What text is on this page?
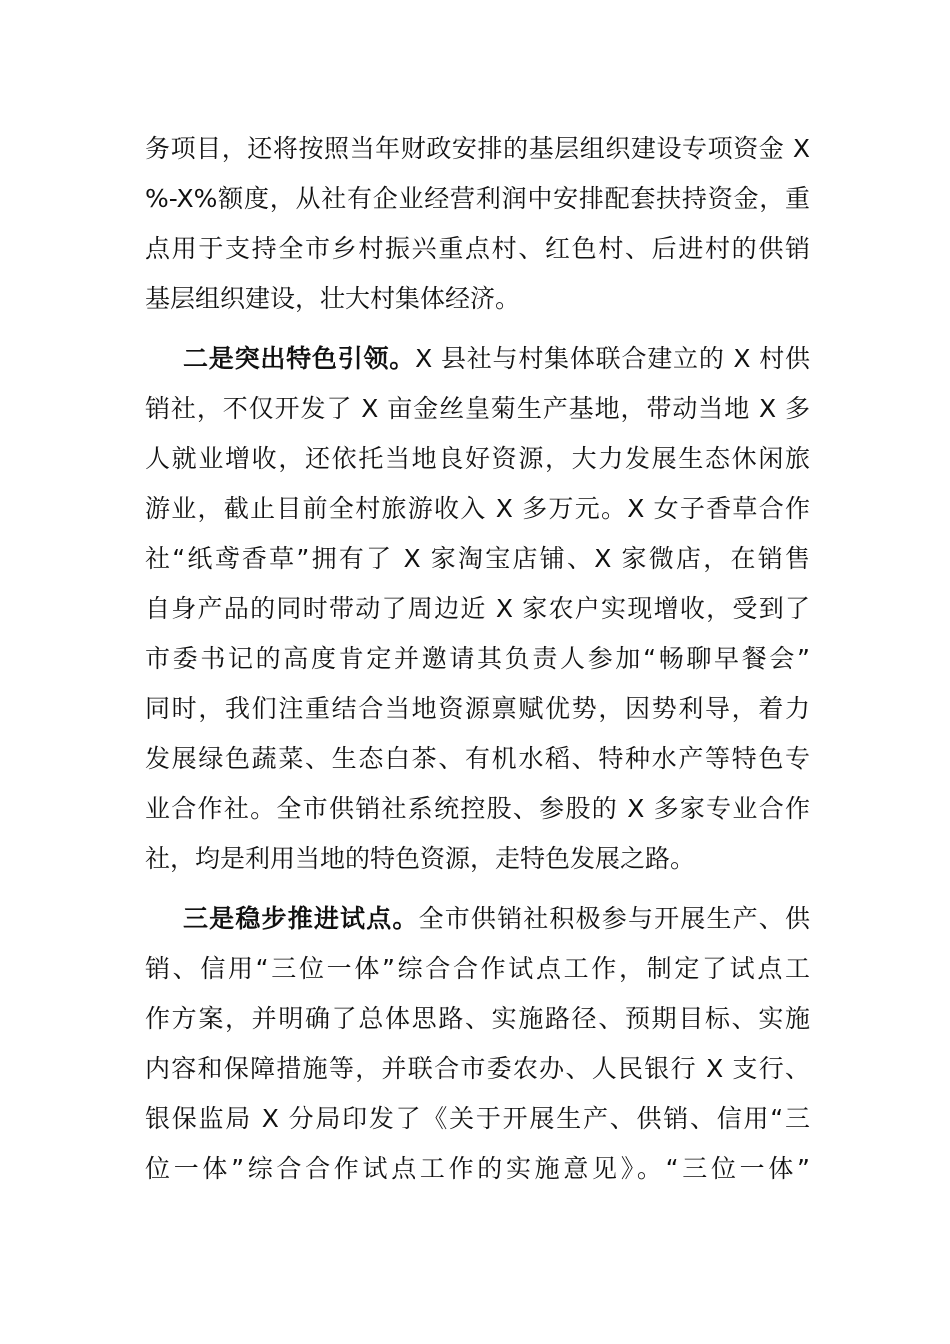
务项目，还将按照当年财政安排的基层组织建设专项资金 X
%-X%额度，从社有企业经营利润中安排配套扶持资金，重
点用于支持全市乡村振兴重点村、红色村、后进村的供销
基层组织建设，壮大村集体经济。
二是突出特色引领。X 县社与村集体联合建立的 X 村供
销社，不仅开发了 X 亩金丝皇菊生产基地，带动当地 X 多
人就业增收，还依托当地良好资源，大力发展生态休闲旅
游业，截止目前全村旅游收入 X 多万元。X 女子香草合作
社“纸鸢香草”拥有了 X 家淘宝店铺、X 家微店，在销售
自身产品的同时带动了周边近 X 家农户实现增收，受到了
市委书记的高度肯定并邀请其负责人参加“畅聊早餐会”
同时，我们注重结合当地资源禀赋优势，因势利导，着力
发展绿色蔬菜、生态白茶、有机水稻、特种水产等特色专
业合作社。全市供销社系统控股、参股的 X 多家专业合作
社，均是利用当地的特色资源，走特色发展之路。
三是稳步推进试点。全市供销社积极参与开展生产、供
销、信用“三位一体”综合合作试点工作，制定了试点工
作方案，并明确了总体思路、实施路径、预期目标、实施
内容和保障措施等，并联合市委农办、人民银行 X 支行、
银保监局 X 分局印发了《关于开展生产、供销、信用“三
位一体”综合合作试点工作的实施意见》。“三位一体”
